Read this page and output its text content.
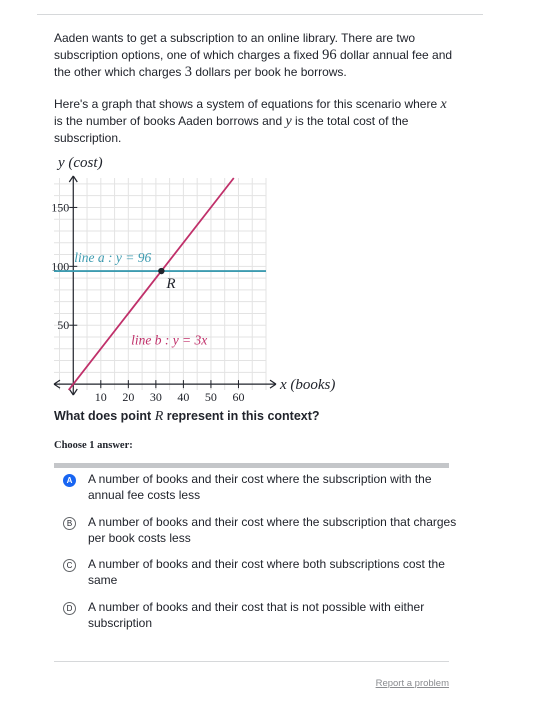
Aaden wants to get a subscription to an online library. There are two subscription options, one of which charges a fixed 96 dollar annual fee and the other which charges 3 dollars per book he borrows.

Here's a graph that shows a system of equations for this scenario where x is the number of books Aaden borrows and y is the total cost of the subscription.

10 20 30 40 50 60
50
100
150
y (cost)
x (books)
line a : y = 96
line b : y = 3x
R
What does point R represent in this context?
Choose 1 answer:
A	A number of books and their cost where the subscription with the annual fee costs less
B	A number of books and their cost where the subscription that charges per book costs less
C	A number of books and their cost where both subscriptions cost the same
D	A number of books and their cost that is not possible with either subscription
Report a problem
